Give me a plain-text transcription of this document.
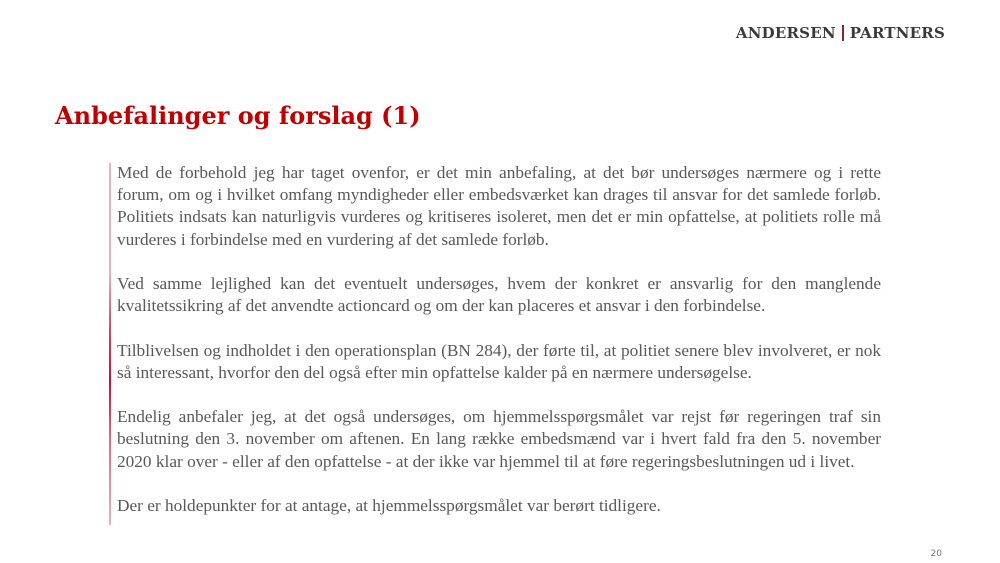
ANDERSEN PARTNERS
Anbefalinger og forslag (1)

Med de forbehold jeg har taget ovenfor, er det min anbefaling, at det bør undersøges nærmere og i rette forum, om og i hvilket omfang myndigheder eller embedsværket kan drages til ansvar for det samlede forløb. Politiets indsats kan naturligvis vurderes og kritiseres isoleret, men det er min opfattelse, at politiets rolle må vurderes i forbindelse med en vurdering af det samlede forløb.

Ved samme lejlighed kan det eventuelt undersøges, hvem der konkret er ansvarlig for den manglende kvalitetssikring af det anvendte actioncard og om der kan placeres et ansvar i den forbindelse.

Tilblivelsen og indholdet i den operationsplan (BN 284), der førte til, at politiet senere blev involveret, er nok så interessant, hvorfor den del også efter min opfattelse kalder på en nærmere undersøgelse.

Endelig anbefaler jeg, at det også undersøges, om hjemmelsspørgsmålet var rejst før regeringen traf sin beslutning den 3. november om aftenen. En lang række embedsmænd var i hvert fald fra den 5. november 2020 klar over - eller af den opfattelse - at der ikke var hjemmel til at føre regeringsbeslutningen ud i livet.

Der er holdepunkter for at antage, at hjemmelsspørgsmålet var berørt tidligere.

20
